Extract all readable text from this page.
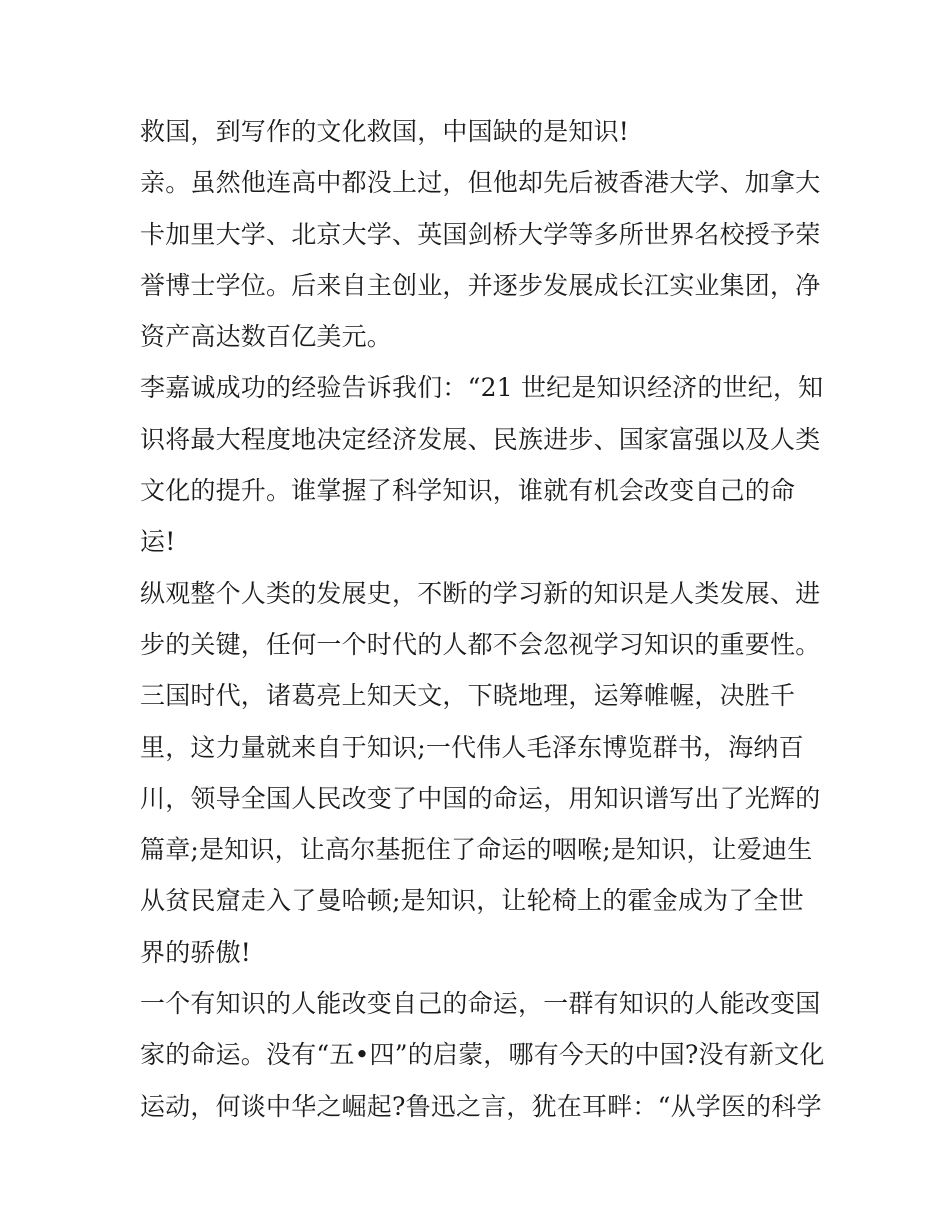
救国，到写作的文化救国，中国缺的是知识!
亲。虽然他连高中都没上过，但他却先后被香港大学、加拿大
卡加里大学、北京大学、英国剑桥大学等多所世界名校授予荣
誉博士学位。后来自主创业，并逐步发展成长江实业集团，净
资产高达数百亿美元。
李嘉诚成功的经验告诉我们：“21 世纪是知识经济的世纪，知
识将最大程度地决定经济发展、民族进步、国家富强以及人类
文化的提升。谁掌握了科学知识，谁就有机会改变自己的命
运!
纵观整个人类的发展史，不断的学习新的知识是人类发展、进
步的关键，任何一个时代的人都不会忽视学习知识的重要性。
三国时代，诸葛亮上知天文，下晓地理，运筹帷幄，决胜千
里，这力量就来自于知识;一代伟人毛泽东博览群书，海纳百
川，领导全国人民改变了中国的命运，用知识谱写出了光辉的
篇章;是知识，让高尔基扼住了命运的咽喉;是知识，让爱迪生
从贫民窟走入了曼哈顿;是知识，让轮椅上的霍金成为了全世
界的骄傲!
一个有知识的人能改变自己的命运，一群有知识的人能改变国
家的命运。没有“五•四”的启蒙，哪有今天的中国?没有新文化
运动，何谈中华之崛起?鲁迅之言，犹在耳畔：“从学医的科学
